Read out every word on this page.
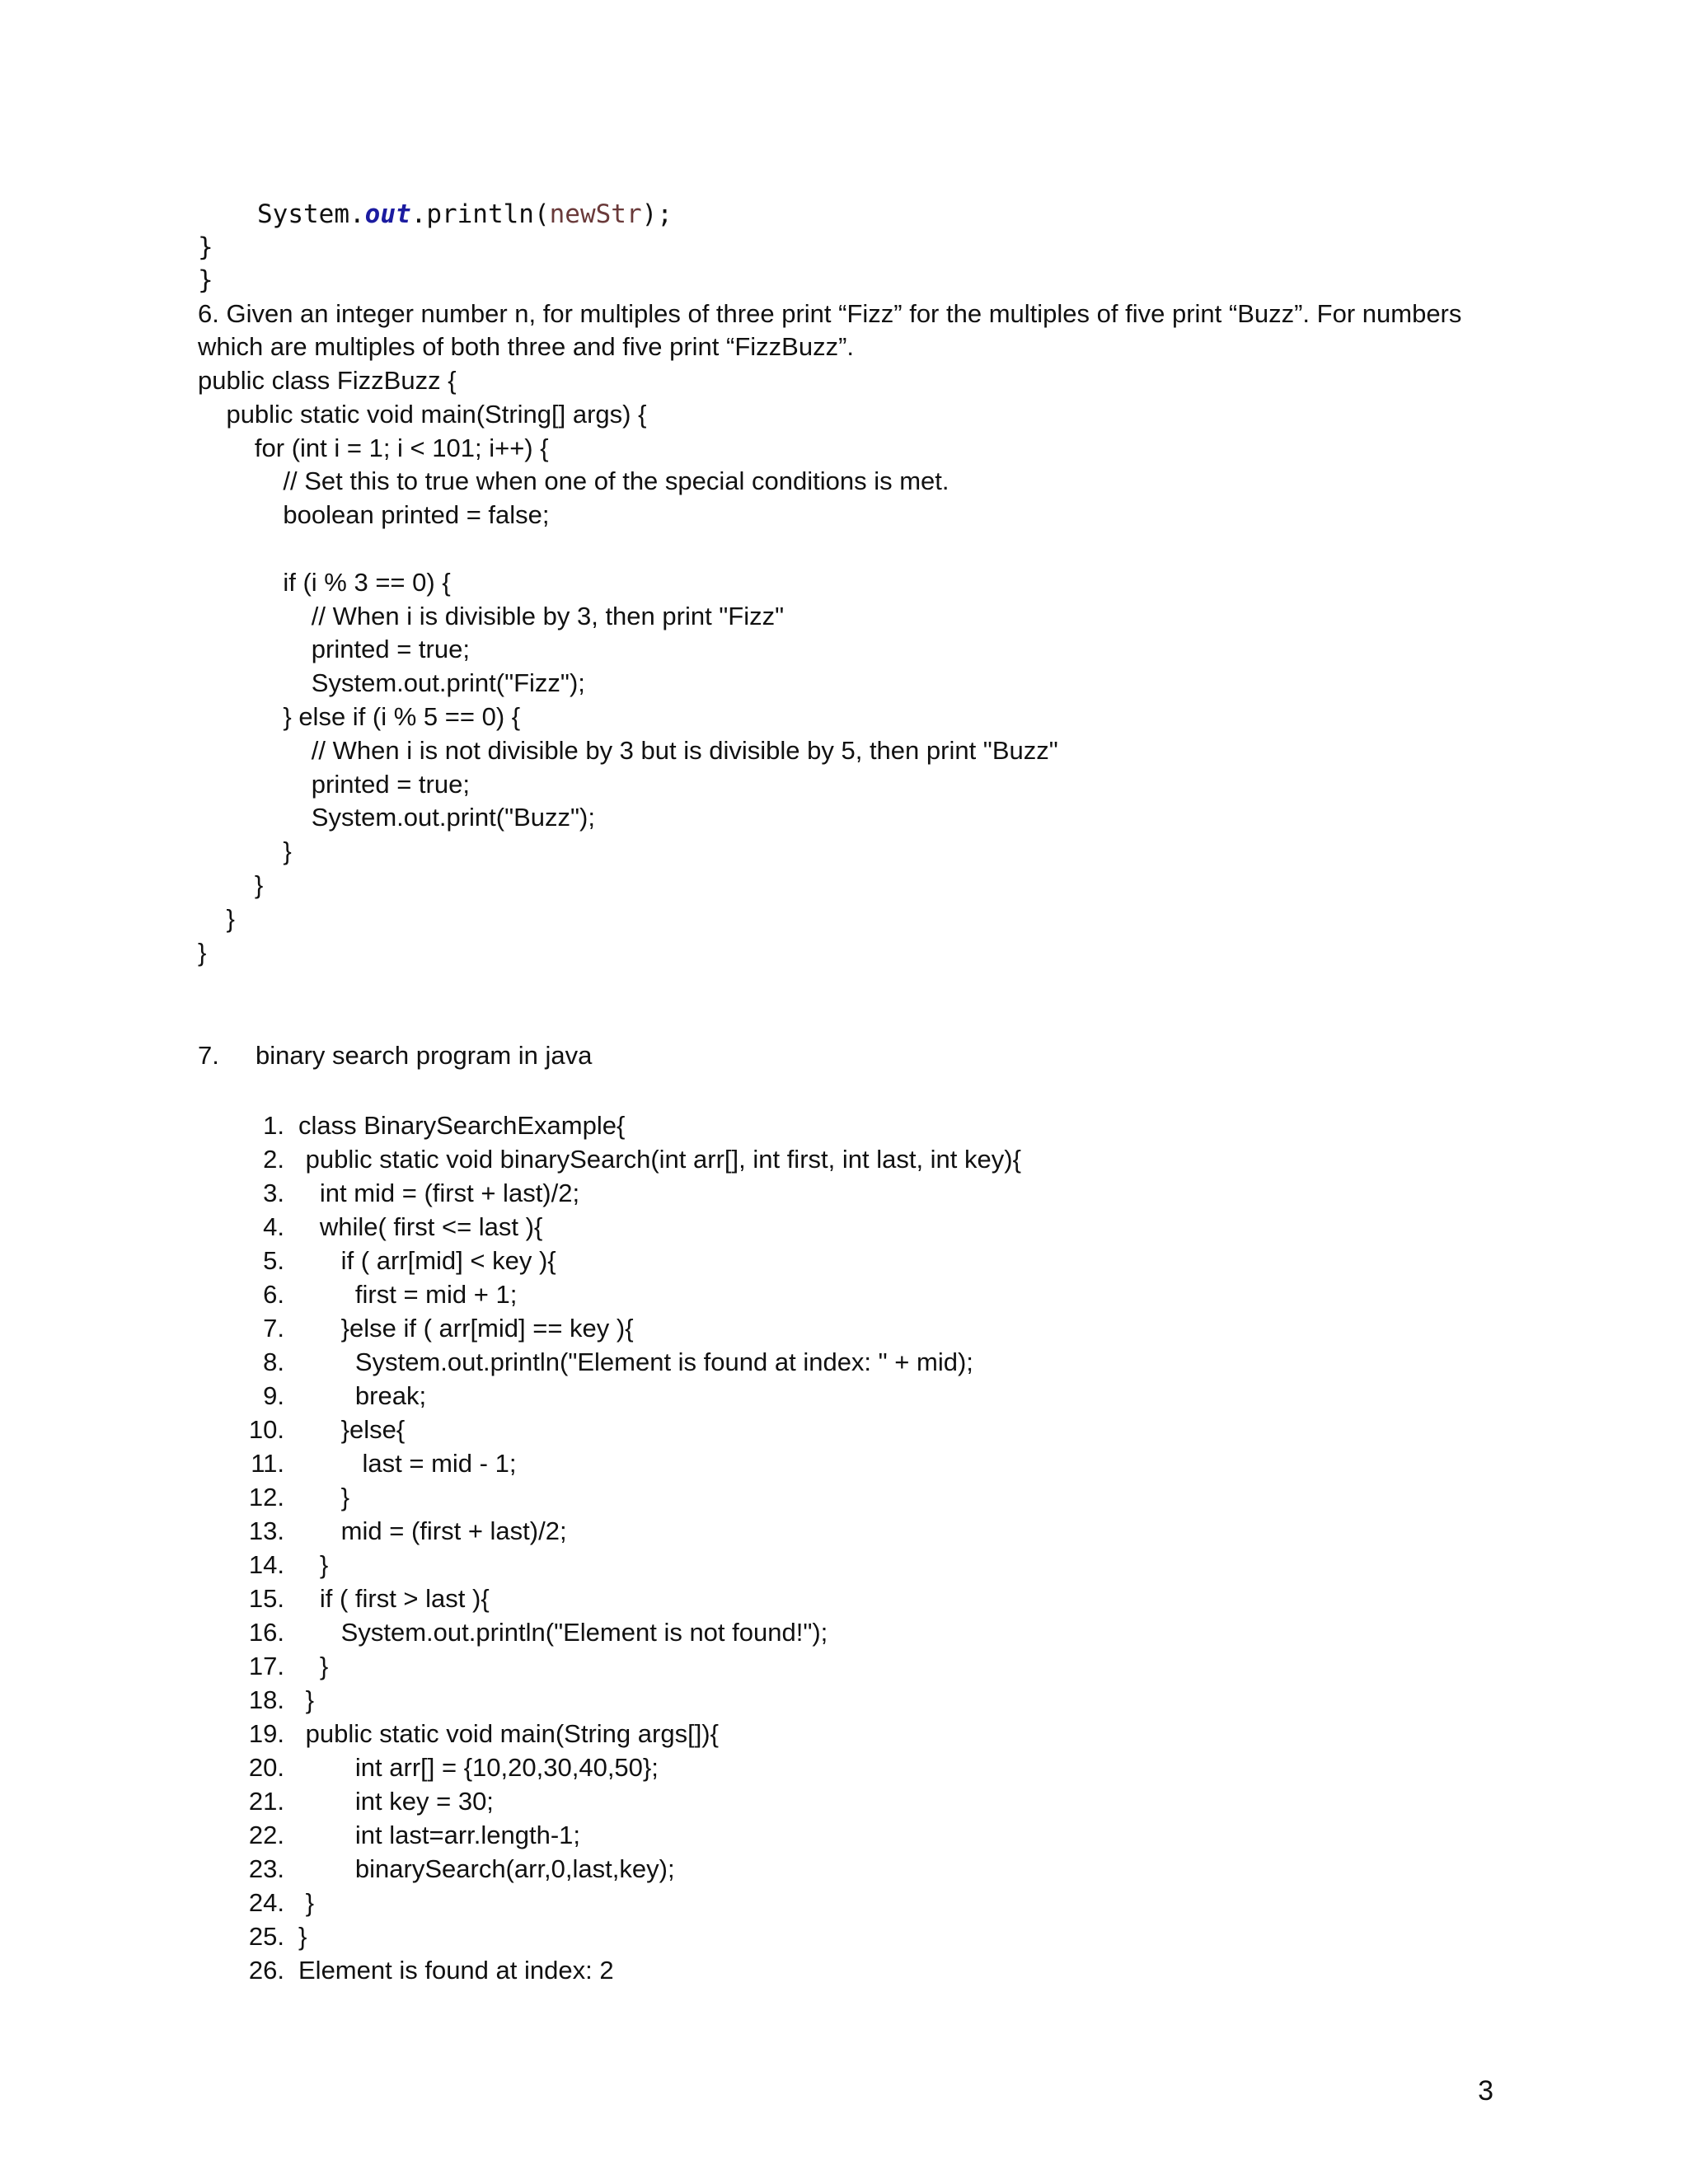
System.out.println(newStr);
}
}
6. Given an integer number n, for multiples of three print “Fizz” for the multiples of five print “Buzz”. For numbers
which are multiples of both three and five print “FizzBuzz”.
public class FizzBuzz {
public static void main(String[] args) {
for (int i = 1; i < 101; i++) {
// Set this to true when one of the special conditions is met.
boolean printed = false;
if (i % 3 == 0) {
// When i is divisible by 3, then print "Fizz"
printed = true;
System.out.print("Fizz");
} else if (i % 5 == 0) {
// When i is not divisible by 3 but is divisible by 5, then print "Buzz"
printed = true;
System.out.print("Buzz");
}
}
}
}
7. binary search program in java
1. class BinarySearchExample{
2. public static void binarySearch(int arr[], int first, int last, int key){
3. int mid = (first + last)/2;
4. while( first <= last ){
5. if ( arr[mid] < key ){
6. first = mid + 1;
7. }else if ( arr[mid] == key ){
8. System.out.println("Element is found at index: " + mid);
9. break;
10. }else{
11. last = mid - 1;
12. }
13. mid = (first + last)/2;
14. }
15. if ( first > last ){
16. System.out.println("Element is not found!");
17. }
18. }
19. public static void main(String args[]){
20. int arr[] = {10,20,30,40,50};
21. int key = 30;
22. int last=arr.length-1;
23. binarySearch(arr,0,last,key);
24. }
25. }
26. Element is found at index: 2
3
